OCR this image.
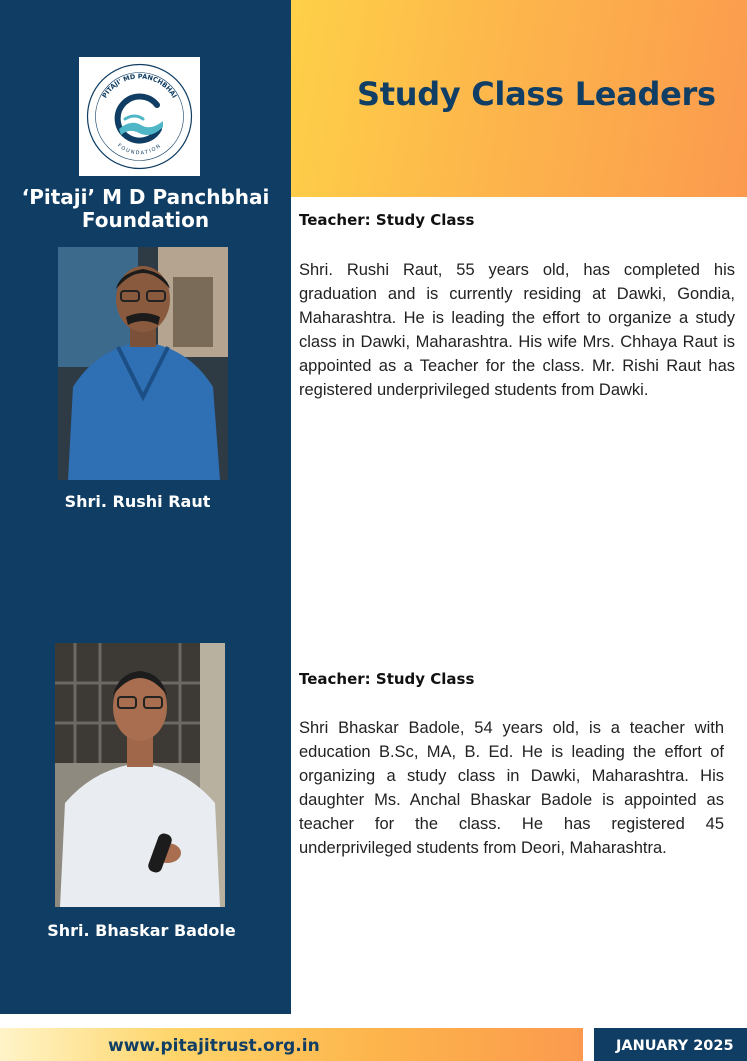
PITAJI' MD PANCHBHAI
FOUNDATION
‘Pitaji’ M D Panchbhai
Foundation
Shri. Rushi Raut
Shri. Bhaskar Badole
Study Class Leaders
Teacher: Study Class
Shri. Rushi Raut, 55 years old, has completed his graduation and is currently residing at Dawki, Gondia, Maharashtra. He is leading the effort to organize a study class in Dawki, Maharashtra. His wife Mrs. Chhaya Raut is appointed as a Teacher for the class. Mr. Rishi Raut has registered underprivileged students from Dawki.
Teacher: Study Class
Shri Bhaskar Badole, 54 years old, is a teacher with education B.Sc, MA, B. Ed. He is leading the effort of organizing a study class in Dawki, Maharashtra. His daughter Ms. Anchal Bhaskar Badole is appointed as teacher for the class. He has registered 45 underprivileged students from Deori, Maharashtra.
www.pitajitrust.org.in	JANUARY 2025
